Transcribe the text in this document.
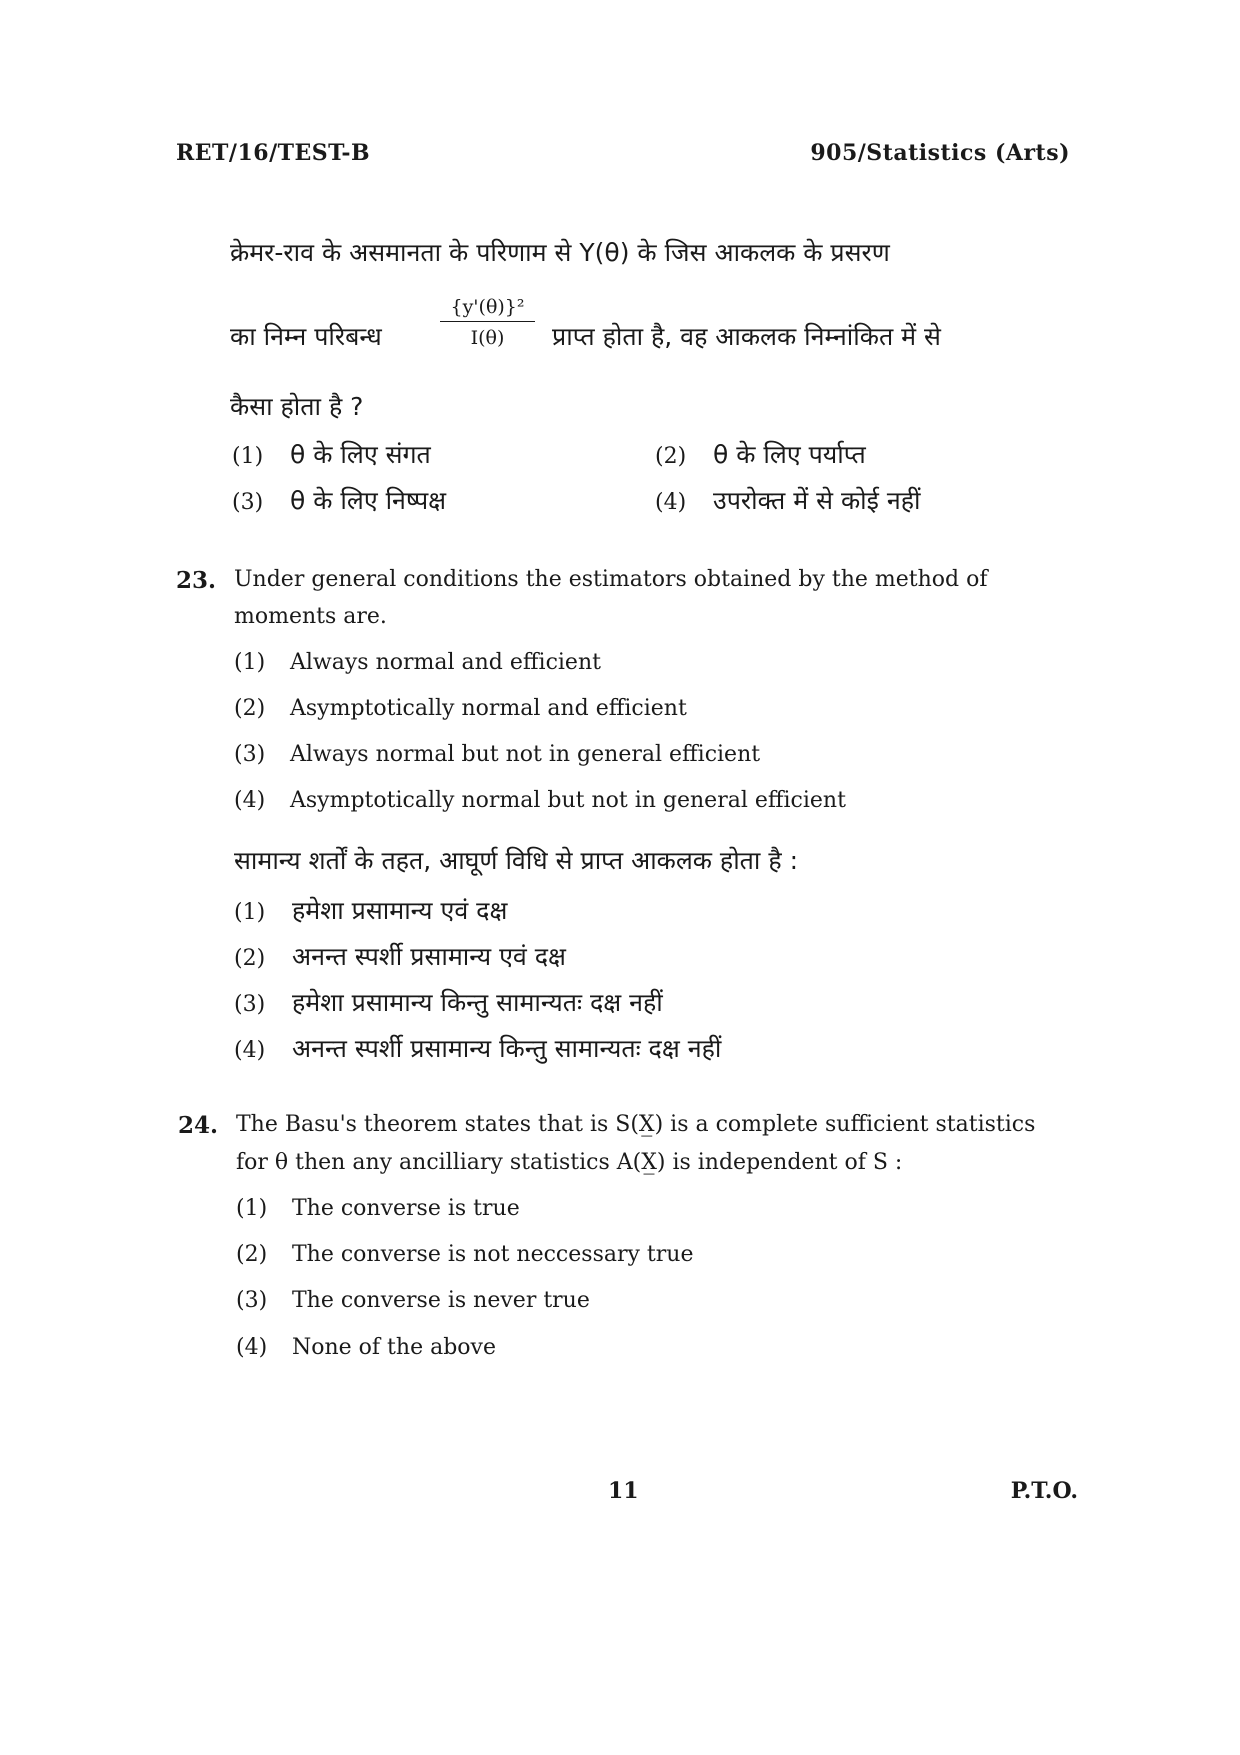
RET/16/TEST-B	905/Statistics (Arts)
क्रेमर-राव के असमानता के परिणाम से Y(θ) के जिस आकलक के प्रसरण
का निम्न परिबन्ध	$\frac{\text{\{y'(θ)\}²}}{I(\theta)}$ प्राप्त होता है, वह आकलक निम्नांकित में से
कैसा होता है ?
(1) θ के लिए संगत	(2) θ के लिए पर्याप्त
(3) θ के लिए निष्पक्ष	(4) उपरोक्त में से कोई नहीं
23. Under general conditions the estimators obtained by the method of
moments are.
(1) Always normal and efficient
(2) Asymptotically normal and efficient
(3) Always normal but not in general efficient
(4) Asymptotically normal but not in general efficient
सामान्य शर्तों के तहत, आघूर्ण विधि से प्राप्त आकलक होता है :
(1) हमेशा प्रसामान्य एवं दक्ष
(2) अनन्त स्पर्शी प्रसामान्य एवं दक्ष
(3) हमेशा प्रसामान्य किन्तु सामान्यतः दक्ष नहीं
(4) अनन्त स्पर्शी प्रसामान्य किन्तु सामान्यतः दक्ष नहीं
24. The Basu's theorem states that is S(X̲) is a complete sufficient statistics
for θ then any ancilliary statistics A(X̲) is independent of S :
(1) The converse is true
(2) The converse is not neccessary true
(3) The converse is never true
(4) None of the above
11	P.T.O.
